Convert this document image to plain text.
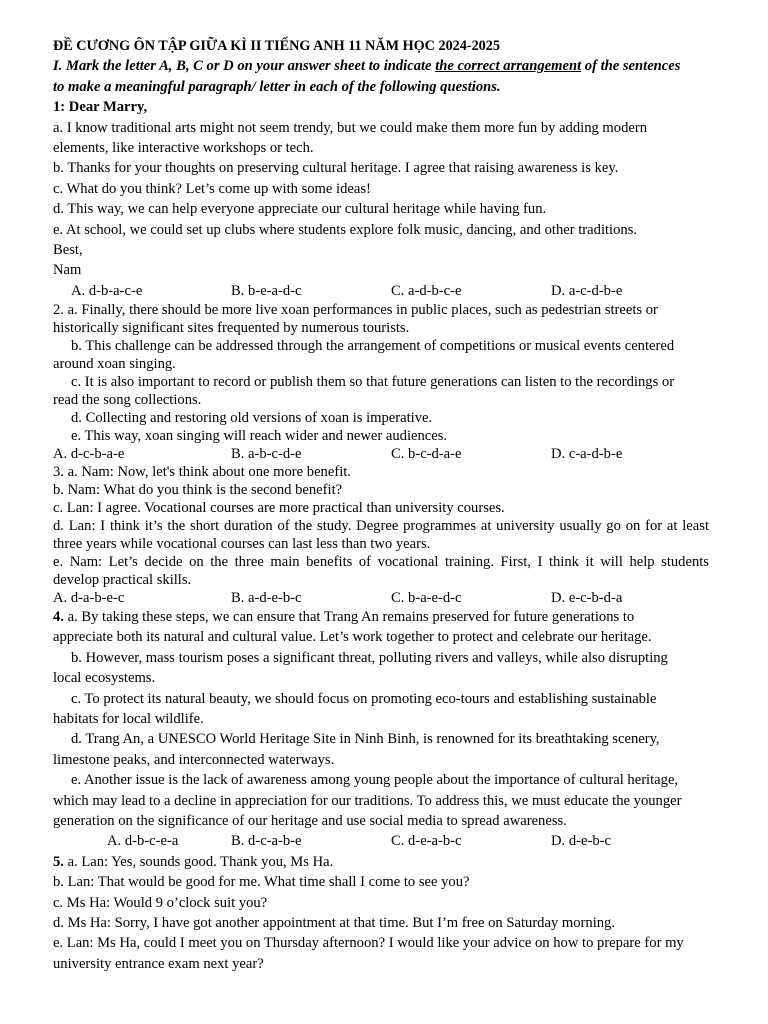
ĐỀ CƯƠNG ÔN TẬP GIỮA KÌ II TIẾNG ANH 11 NĂM HỌC 2024-2025
I. Mark the letter A, B, C or D on your answer sheet to indicate the correct arrangement of the sentences
to make a meaningful paragraph/ letter in each of the following questions.
1: Dear Marry,
a. I know traditional arts might not seem trendy, but we could make them more fun by adding modern
elements, like interactive workshops or tech.
b. Thanks for your thoughts on preserving cultural heritage. I agree that raising awareness is key.
c. What do you think? Let’s come up with some ideas!
d. This way, we can help everyone appreciate our cultural heritage while having fun.
e. At school, we could set up clubs where students explore folk music, dancing, and other traditions.
Best,
Nam
A. d-b-a-c-e	B. b-e-a-d-c	C. a-d-b-c-e	D. a-c-d-b-e
2. a. Finally, there should be more live xoan performances in public places, such as pedestrian streets or
historically significant sites frequented by numerous tourists.
b. This challenge can be addressed through the arrangement of competitions or musical events centered
around xoan singing.
c. It is also important to record or publish them so that future generations can listen to the recordings or
read the song collections.
d. Collecting and restoring old versions of xoan is imperative.
e. This way, xoan singing will reach wider and newer audiences.
A. d-c-b-a-e	B. a-b-c-d-e	C. b-c-d-a-e	D. c-a-d-b-e
3. a. Nam: Now, let's think about one more benefit.
b. Nam: What do you think is the second benefit?
c. Lan: I agree. Vocational courses are more practical than university courses.
d. Lan: I think it’s the short duration of the study. Degree programmes at university usually go on for at least
three years while vocational courses can last less than two years.
e. Nam: Let’s decide on the three main benefits of vocational training. First, I think it will help students
develop practical skills.
A. d-a-b-e-c	B. a-d-e-b-c	C. b-a-e-d-c	D. e-c-b-d-a
4. a. By taking these steps, we can ensure that Trang An remains preserved for future generations to
appreciate both its natural and cultural value. Let’s work together to protect and celebrate our heritage.
b. However, mass tourism poses a significant threat, polluting rivers and valleys, while also disrupting
local ecosystems.
c. To protect its natural beauty, we should focus on promoting eco-tours and establishing sustainable
habitats for local wildlife.
d. Trang An, a UNESCO World Heritage Site in Ninh Binh, is renowned for its breathtaking scenery,
limestone peaks, and interconnected waterways.
e. Another issue is the lack of awareness among young people about the importance of cultural heritage,
which may lead to a decline in appreciation for our traditions. To address this, we must educate the younger
generation on the significance of our heritage and use social media to spread awareness.
A. d-b-c-e-a	B. d-c-a-b-e	C. d-e-a-b-c	D. d-e-b-c
5. a. Lan: Yes, sounds good. Thank you, Ms Ha.
b. Lan: That would be good for me. What time shall I come to see you?
c. Ms Ha: Would 9 o’clock suit you?
d. Ms Ha: Sorry, I have got another appointment at that time. But I’m free on Saturday morning.
e. Lan: Ms Ha, could I meet you on Thursday afternoon? I would like your advice on how to prepare for my
university entrance exam next year?
